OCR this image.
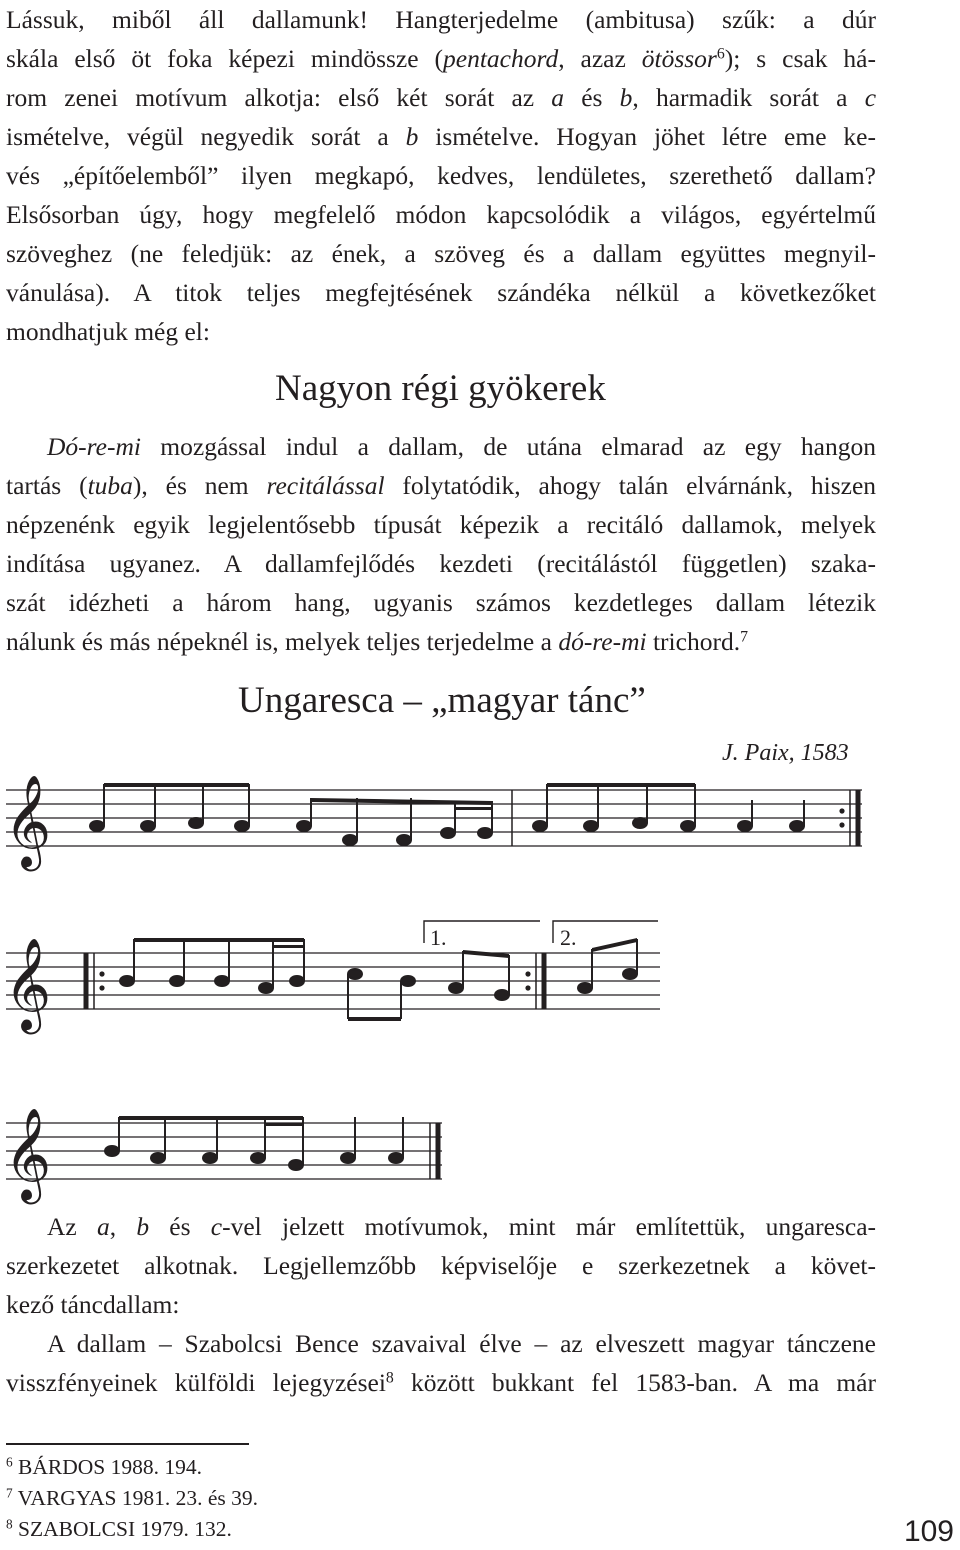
Lássuk, miből áll dallamunk! Hangterjedelme (ambitusa) szűk: a dúr
skála első öt foka képezi mindössze (pentachord, azaz ötössor$^6$); s csak há-
rom zenei motívum alkotja: első két sorát az a és b, harmadik sorát a c
ismételve, végül negyedik sorát a b ismételve. Hogyan jöhet létre eme ke-
vés „építőelemből” ilyen megkapó, kedves, lendületes, szerethető dallam?
Elsősorban úgy, hogy megfelelő módon kapcsolódik a világos, egyértelmű
szöveghez (ne feledjük: az ének, a szöveg és a dallam együttes megnyil-
vánulása). A titok teljes megfejtésének szándéka nélkül a következőket
mondhatjuk még el:
Nagyon régi gyökerek
Dó-re-mi mozgással indul a dallam, de utána elmarad az egy hangon
tartás (tuba), és nem recitálással folytatódik, ahogy talán elvárnánk, hiszen
népzenénk egyik legjelentősebb típusát képezik a recitáló dallamok, melyek
indítása ugyanez. A dallamfejlődés kezdeti (recitálástól független) szaka-
szát idézheti a három hang, ugyanis számos kezdetleges dallam létezik
nálunk és más népeknél is, melyek teljes terjedelme a dó-re-mi trichord.$^7$
Ungaresca – „magyar tánc”
J. Paix, 1583
𝄞
𝄞	1.	2.
𝄞
Az a, b és c-vel jelzett motívumok, mint már említettük, ungaresca-
szerkezetet alkotnak. Legjellemzőbb képviselője e szerkezetnek a követ-
kező táncdallam:
A dallam – Szabolcsi Bence szavaival élve – az elveszett magyar tánczene
visszfényeinek külföldi lejegyzései$^8$ között bukkant fel 1583-ban. A ma már
$^6$ BÁRDOS 1988. 194.
$^7$ VARGYAS 1981. 23. és 39.
$^8$ SZABOLCSI 1979. 132.	109
